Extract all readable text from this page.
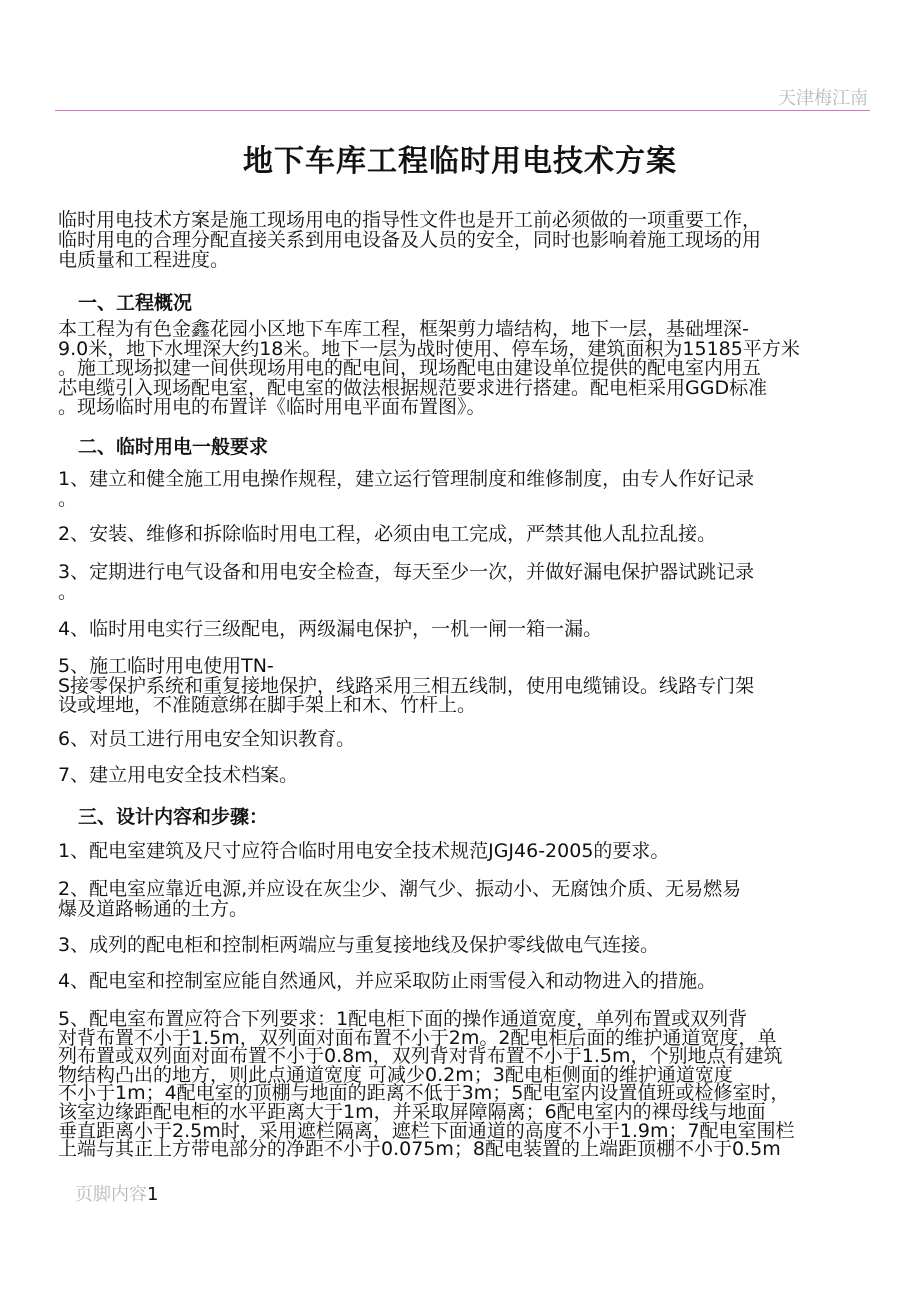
天津梅江南
地下车库工程临时用电技术方案
临时用电技术方案是施工现场用电的指导性文件也是开工前必须做的一项重要工作，
临时用电的合理分配直接关系到用电设备及人员的安全，同时也影响着施工现场的用
电质量和工程进度。
一、工程概况
本工程为有色金鑫花园小区地下车库工程，框架剪力墙结构，地下一层，基础埋深-
9.0米，地下水埋深大约18米。地下一层为战时使用、停车场，建筑面积为15185平方米
。施工现场拟建一间供现场用电的配电间，现场配电由建设单位提供的配电室内用五
芯电缆引入现场配电室，配电室的做法根据规范要求进行搭建。配电柜采用GGD标准
。现场临时用电的布置详《临时用电平面布置图》。
二、临时用电一般要求
1、建立和健全施工用电操作规程，建立运行管理制度和维修制度，由专人作好记录
。
2、安装、维修和拆除临时用电工程，必须由电工完成，严禁其他人乱拉乱接。
3、定期进行电气设备和用电安全检查，每天至少一次，并做好漏电保护器试跳记录
。
4、临时用电实行三级配电，两级漏电保护，一机一闸一箱一漏。
5、施工临时用电使用TN-
S接零保护系统和重复接地保护，线路采用三相五线制，使用电缆铺设。线路专门架
设或埋地，不准随意绑在脚手架上和木、竹杆上。
6、对员工进行用电安全知识教育。
7、建立用电安全技术档案。
三、设计内容和步骤：
1、配电室建筑及尺寸应符合临时用电安全技术规范JGJ46-2005的要求。
2、配电室应靠近电源,并应设在灰尘少、潮气少、振动小、无腐蚀介质、无易燃易
爆及道路畅通的土方。
3、成列的配电柜和控制柜两端应与重复接地线及保护零线做电气连接。
4、配电室和控制室应能自然通风，并应采取防止雨雪侵入和动物进入的措施。
5、配电室布置应符合下列要求：1配电柜下面的操作通道宽度，单列布置或双列背
对背布置不小于1.5m，双列面对面布置不小于2m。2配电柜后面的维护通道宽度，单
列布置或双列面对面布置不小于0.8m，双列背对背布置不小于1.5m，个别地点有建筑
物结构凸出的地方，则此点通道宽度 可减少0.2m；3配电柜侧面的维护通道宽度
不小于1m；4配电室的顶棚与地面的距离不低于3m；5配电室内设置值班或检修室时，
该室边缘距配电柜的水平距离大于1m，并采取屏障隔离；6配电室内的裸母线与地面
垂直距离小于2.5m时，采用遮栏隔离，遮栏下面通道的高度不小于1.9m；7配电室围栏
上端与其正上方带电部分的净距不小于0.075m；8配电装置的上端距顶棚不小于0.5m
页脚内容1
